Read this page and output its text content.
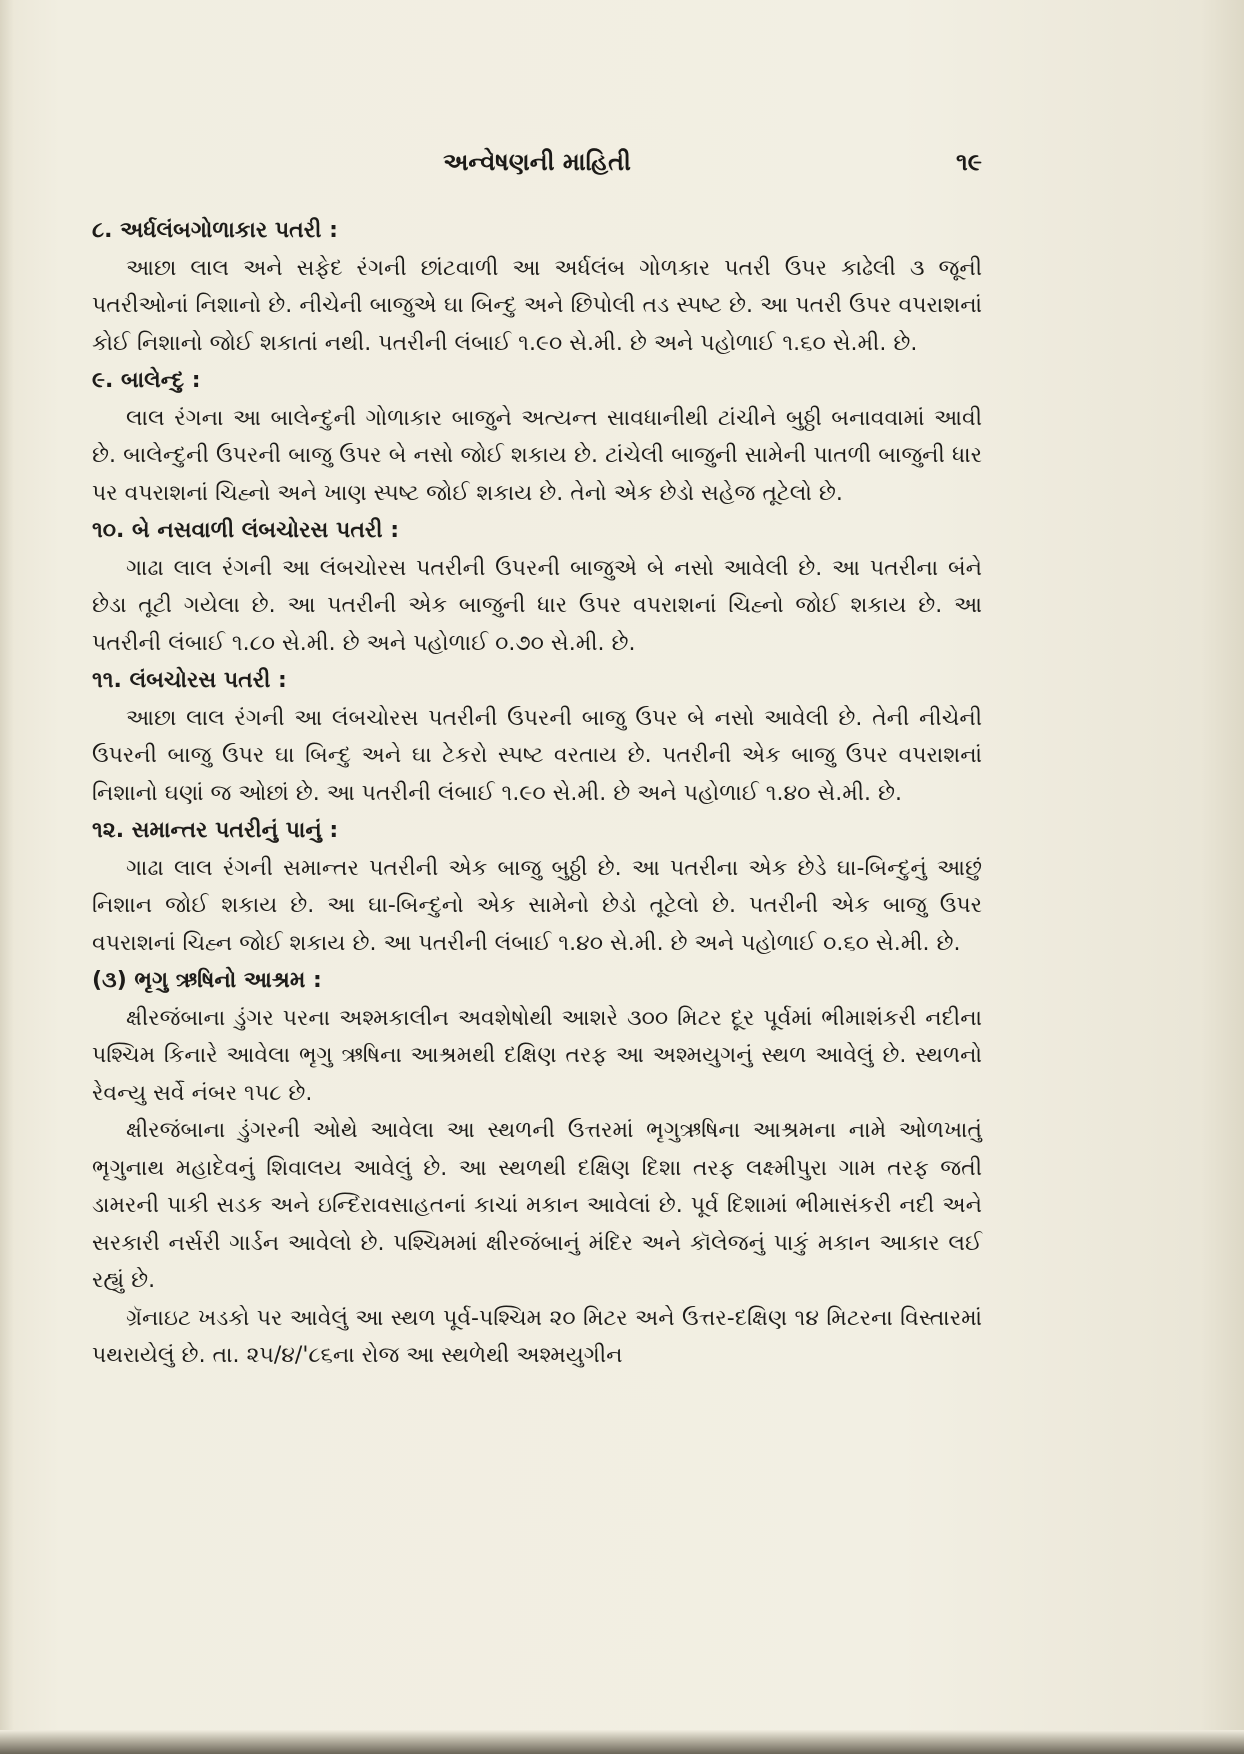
અન્વેષણની માહિતી	૧૯

૮. અર્ધલંબગોળાકાર પતરી :

આછા લાલ અને સફેદ રંગની છાંટવાળી આ અર્ધલંબ ગોળકાર પતરી ઉપર કાઢેલી ૩ જૂની પતરીઓનાં નિશાનો છે. નીચેની બાજુએ ઘા બિન્દુ અને છિપોલી તડ સ્પષ્ટ છે. આ પતરી ઉપર વપરાશનાં કોઈ નિશાનો જોઈ શકાતાં નથી. પતરીની લંબાઈ ૧.૯૦ સે.મી. છે અને પહોળાઈ ૧.૬૦ સે.મી. છે.

૯. બાલેન્દુ :

લાલ રંગના આ બાલેન્દુની ગોળાકાર બાજુને અત્યન્ત સાવધાનીથી ટાંચીને બુઠ્ઠી બનાવવામાં આવી છે. બાલેન્દુની ઉપરની બાજુ ઉપર બે નસો જોઈ શકાય છે. ટાંચેલી બાજુની સામેની પાતળી બાજુની ધાર પર વપરાશનાં ચિહ્નો અને ખાણ સ્પષ્ટ જોઈ શકાય છે. તેનો એક છેડો સહેજ તૂટેલો છે.

૧૦. બે નસવાળી લંબચોરસ પતરી :

ગાઢા લાલ રંગની આ લંબચોરસ પતરીની ઉપરની બાજુએ બે નસો આવેલી છે. આ પતરીના બંને છેડા તૂટી ગયેલા છે. આ પતરીની એક બાજુની ધાર ઉપર વપરાશનાં ચિહ્નો જોઈ શકાય છે. આ પતરીની લંબાઈ ૧.૮૦ સે.મી. છે અને પહોળાઈ ૦.૭૦ સે.મી. છે.

૧૧. લંબચોરસ પતરી :

આછા લાલ રંગની આ લંબચોરસ પતરીની ઉપરની બાજુ ઉપર બે નસો આવેલી છે. તેની નીચેની ઉપરની બાજુ ઉપર ઘા બિન્દુ અને ઘા ટેકરો સ્પષ્ટ વરતાય છે. પતરીની એક બાજુ ઉપર વપરાશનાં નિશાનો ઘણાં જ ઓછાં છે. આ પતરીની લંબાઈ ૧.૯૦ સે.મી. છે અને પહોળાઈ ૧.૪૦ સે.મી. છે.

૧૨. સમાન્તર પતરીનું પાનું :

ગાઢા લાલ રંગની સમાન્તર પતરીની એક બાજુ બુઠ્ઠી છે. આ પતરીના એક છેડે ઘા-બિન્દુનું આછું નિશાન જોઈ શકાય છે. આ ઘા-બિન્દુનો એક સામેનો છેડો તૂટેલો છે. પતરીની એક બાજુ ઉપર વપરાશનાં ચિહ્ન જોઈ શકાય છે. આ પતરીની લંબાઈ ૧.૪૦ સે.મી. છે અને પહોળાઈ ૦.૬૦ સે.મી. છે.

(૩) ભૃગુ ઋષિનો આશ્રમ :

ક્ષીરજંબાના ડુંગર પરના અશ્મકાલીન અવશેષોથી આશરે ૩૦૦ મિટર દૂર પૂર્વમાં ભીમાશંકરી નદીના પશ્ચિમ કિનારે આવેલા ભૃગુ ઋષિના આશ્રમથી દક્ષિણ તરફ આ અશ્મયુગનું સ્થળ આવેલું છે. સ્થળનો રેવન્યુ સર્વે નંબર ૧૫૮ છે.

ક્ષીરજંબાના ડુંગરની ઓથે આવેલા આ સ્થળની ઉત્તરમાં ભૃગુઋષિના આશ્રમના નામે ઓળખાતું ભૃગુનાથ મહાદેવનું શિવાલય આવેલું છે. આ સ્થળથી દક્ષિણ દિશા તરફ લક્ષ્મીપુરા ગામ તરફ જતી ડામરની પાકી સડક અને ઇન્દિરાવસાહતનાં કાચાં મકાન આવેલાં છે. પૂર્વ દિશામાં ભીમાસંકરી નદી અને સરકારી નર્સરી ગાર્ડન આવેલો છે. પશ્ચિમમાં ક્ષીરજંબાનું મંદિર અને કૉલેજનું પાકું મકાન આકાર લઈ રહ્યું છે.

ગ્રૅનાઇટ ખડકો પર આવેલું આ સ્થળ પૂર્વ-પશ્ચિમ ૨૦ મિટર અને ઉત્તર-દક્ષિણ ૧૪ મિટરના વિસ્તારમાં પથરાયેલું છે. તા. ૨૫/૪/'૮૬ના રોજ આ સ્થળેથી અશ્મયુગીન
